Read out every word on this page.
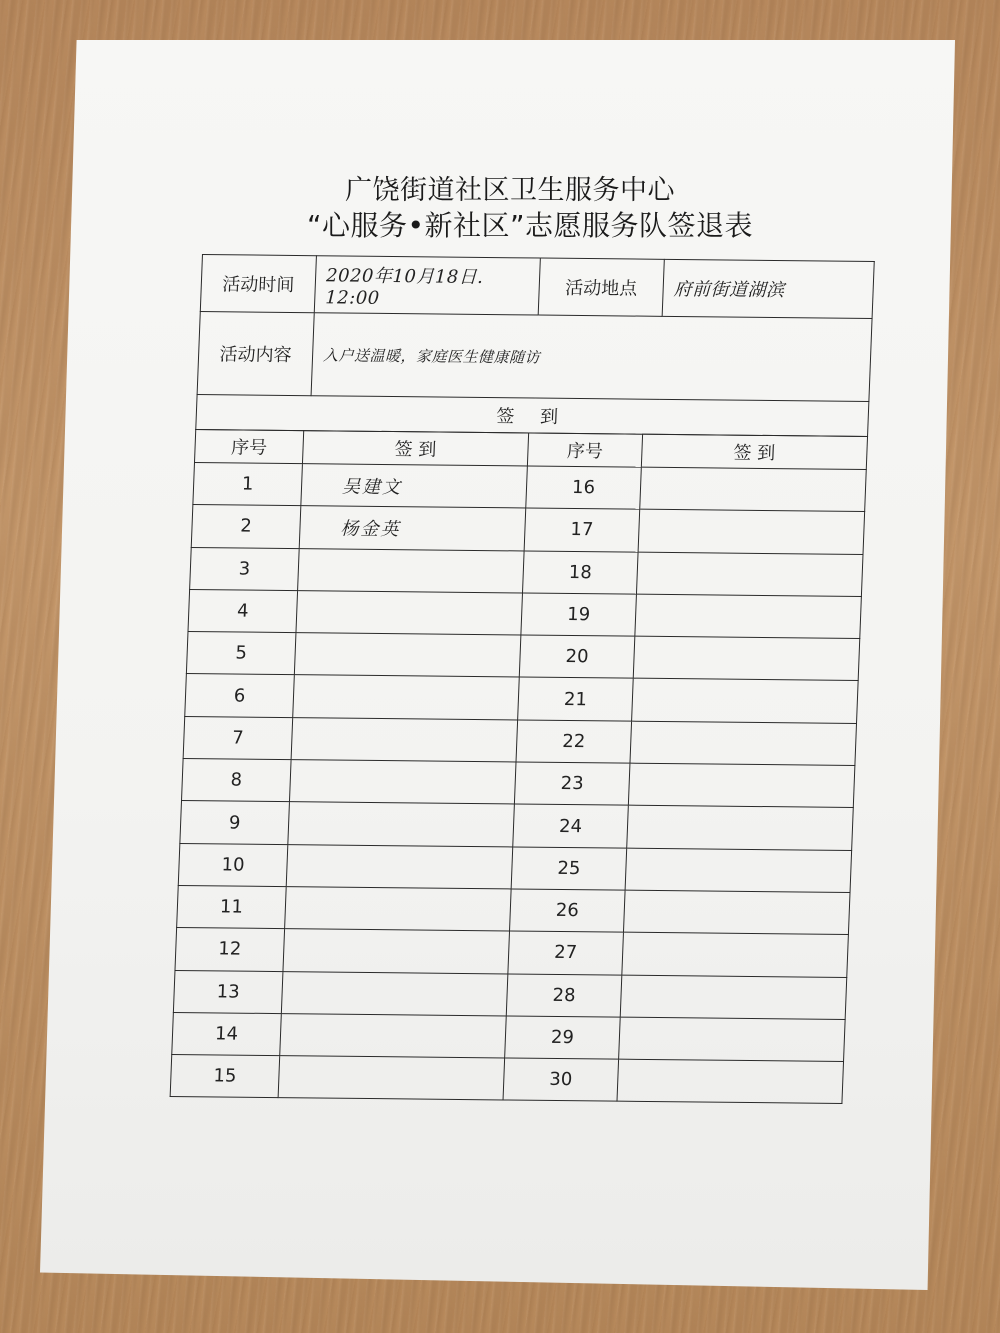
广饶街道社区卫生服务中心
“心服务•新社区”志愿服务队签退表
活动时间	2020年10月18日. 12:00	活动地点	府前街道湖滨
活动内容	入户送温暖，家庭医生健康随访		
签 到			
序号	签 到	序号	签 到
1	吴建文	16	
2	杨金英	17	
3		18	
4		19	
5		20	
6		21	
7		22	
8		23	
9		24	
10		25	
11		26	
12		27	
13		28	
14		29	
15		30	
